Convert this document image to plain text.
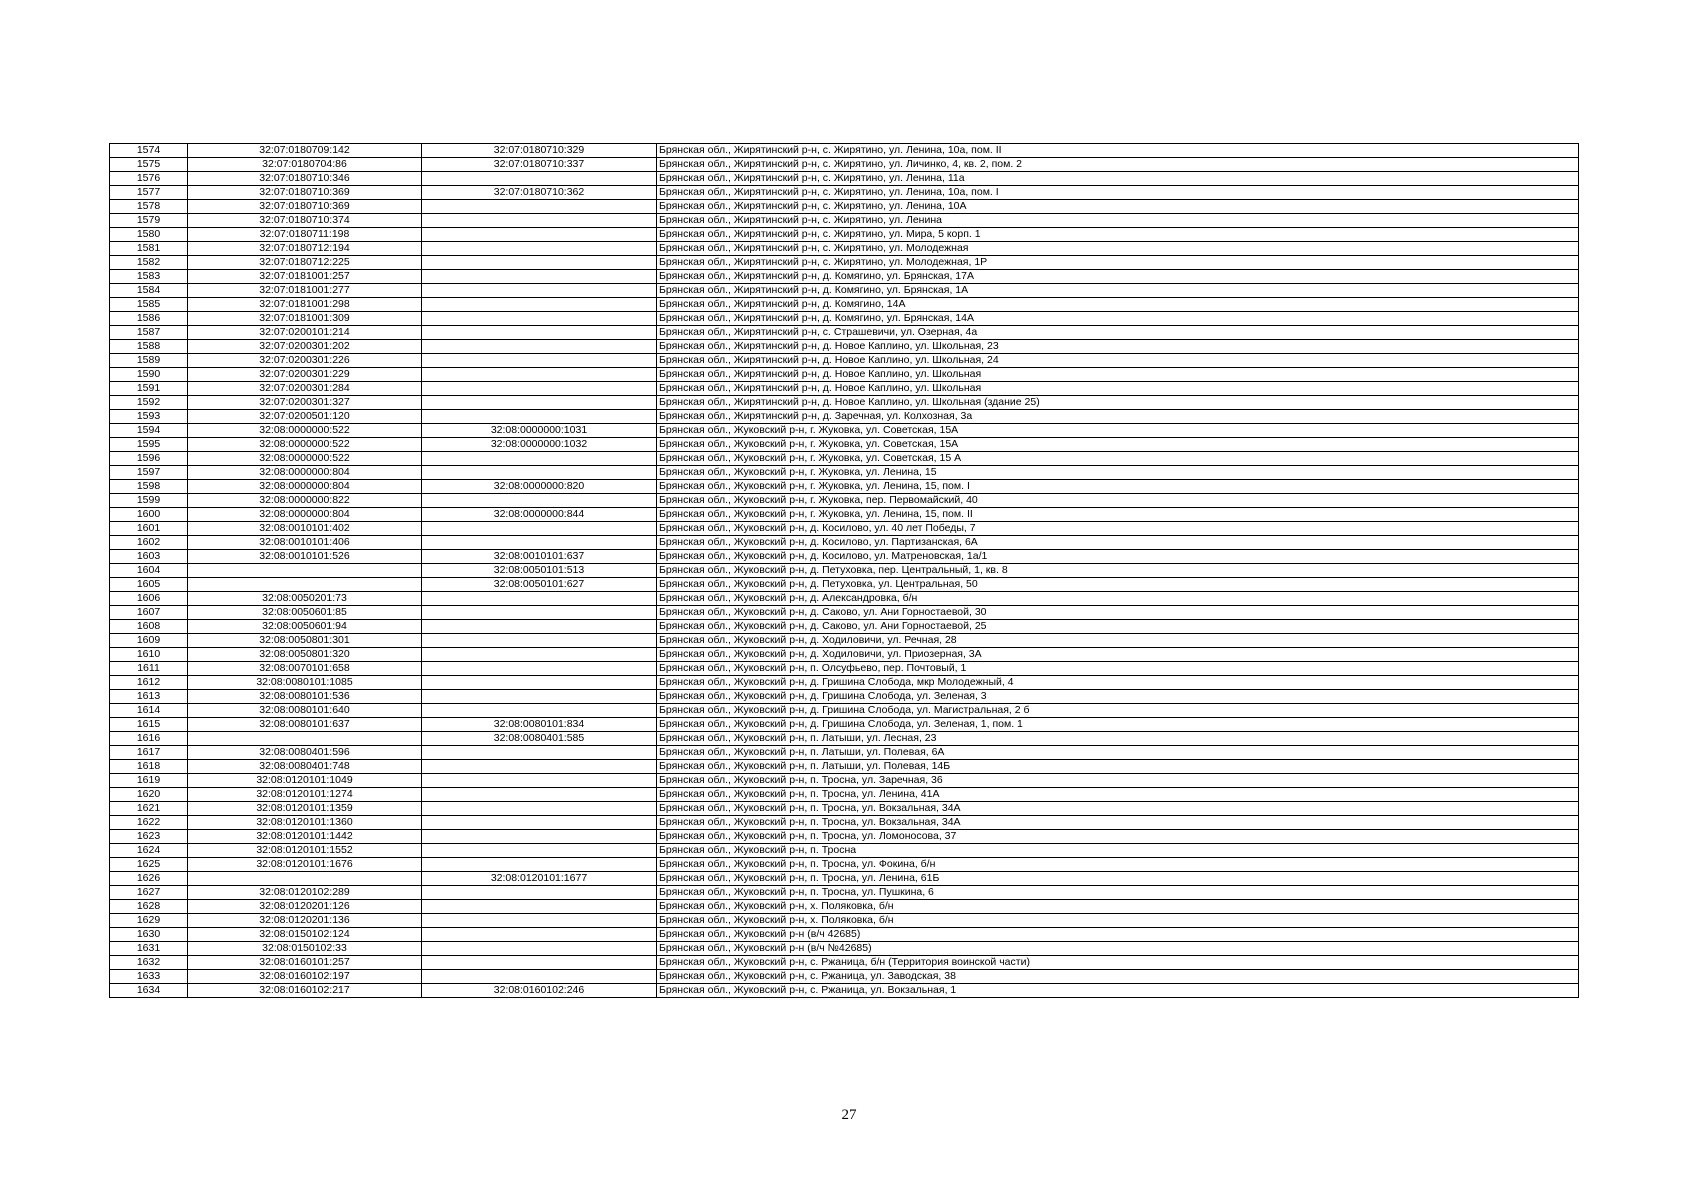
1574	32:07:0180709:142	32:07:0180710:329	Брянская обл., Жирятинский р-н, с. Жирятино, ул. Ленина, 10а, пом. II
1575	32:07:0180704:86	32:07:0180710:337	Брянская обл., Жирятинский р-н, с. Жирятино, ул. Личинко, 4, кв. 2, пом. 2
1576	32:07:0180710:346		Брянская обл., Жирятинский р-н, с. Жирятино, ул. Ленина, 11а
1577	32:07:0180710:369	32:07:0180710:362	Брянская обл., Жирятинский р-н, с. Жирятино, ул. Ленина, 10а, пом. I
1578	32:07:0180710:369		Брянская обл., Жирятинский р-н, с. Жирятино, ул. Ленина, 10А
1579	32:07:0180710:374		Брянская обл., Жирятинский р-н, с. Жирятино, ул. Ленина
1580	32:07:0180711:198		Брянская обл., Жирятинский р-н, с. Жирятино, ул. Мира, 5 корп. 1
1581	32:07:0180712:194		Брянская обл., Жирятинский р-н, с. Жирятино, ул. Молодежная
1582	32:07:0180712:225		Брянская обл., Жирятинский р-н, с. Жирятино, ул. Молодежная, 1Р
1583	32:07:0181001:257		Брянская обл., Жирятинский р-н, д. Комягино, ул. Брянская, 17А
1584	32:07:0181001:277		Брянская обл., Жирятинский р-н, д. Комягино, ул. Брянская, 1А
1585	32:07:0181001:298		Брянская обл., Жирятинский р-н, д. Комягино, 14А
1586	32:07:0181001:309		Брянская обл., Жирятинский р-н, д. Комягино, ул. Брянская, 14А
1587	32:07:0200101:214		Брянская обл., Жирятинский р-н, с. Страшевичи, ул. Озерная, 4а
1588	32:07:0200301:202		Брянская обл., Жирятинский р-н, д. Новое Каплино, ул. Школьная, 23
1589	32:07:0200301:226		Брянская обл., Жирятинский р-н, д. Новое Каплино, ул. Школьная, 24
1590	32:07:0200301:229		Брянская обл., Жирятинский р-н, д. Новое Каплино, ул. Школьная
1591	32:07:0200301:284		Брянская обл., Жирятинский р-н, д. Новое Каплино, ул. Школьная
1592	32:07:0200301:327		Брянская обл., Жирятинский р-н, д. Новое Каплино, ул. Школьная (здание 25)
1593	32:07:0200501:120		Брянская обл., Жирятинский р-н, д. Заречная, ул. Колхозная, 3а
1594	32:08:0000000:522	32:08:0000000:1031	Брянская обл., Жуковский р-н, г. Жуковка, ул. Советская, 15А
1595	32:08:0000000:522	32:08:0000000:1032	Брянская обл., Жуковский р-н, г. Жуковка, ул. Советская, 15А
1596	32:08:0000000:522		Брянская обл., Жуковский р-н, г. Жуковка, ул. Советская, 15 А
1597	32:08:0000000:804		Брянская обл., Жуковский р-н, г. Жуковка, ул. Ленина, 15
1598	32:08:0000000:804	32:08:0000000:820	Брянская обл., Жуковский р-н, г. Жуковка, ул. Ленина, 15, пом. I
1599	32:08:0000000:822		Брянская обл., Жуковский р-н, г. Жуковка, пер. Первомайский, 40
1600	32:08:0000000:804	32:08:0000000:844	Брянская обл., Жуковский р-н, г. Жуковка, ул. Ленина, 15, пом. II
1601	32:08:0010101:402		Брянская обл., Жуковский р-н, д. Косилово, ул. 40 лет Победы, 7
1602	32:08:0010101:406		Брянская обл., Жуковский р-н, д. Косилово, ул. Партизанская, 6А
1603	32:08:0010101:526	32:08:0010101:637	Брянская обл., Жуковский р-н, д. Косилово, ул. Матреновская, 1а/1
1604		32:08:0050101:513	Брянская обл., Жуковский р-н, д. Петуховка, пер. Центральный, 1, кв. 8
1605		32:08:0050101:627	Брянская обл., Жуковский р-н, д. Петуховка, ул. Центральная, 50
1606	32:08:0050201:73		Брянская обл., Жуковский р-н, д. Александровка, б/н
1607	32:08:0050601:85		Брянская обл., Жуковский р-н, д. Саково, ул. Ани Горностаевой, 30
1608	32:08:0050601:94		Брянская обл., Жуковский р-н, д. Саково, ул. Ани Горностаевой, 25
1609	32:08:0050801:301		Брянская обл., Жуковский р-н, д. Ходиловичи, ул. Речная, 28
1610	32:08:0050801:320		Брянская обл., Жуковский р-н, д. Ходиловичи, ул. Приозерная, 3А
1611	32:08:0070101:658		Брянская обл., Жуковский р-н, п. Олсуфьево, пер. Почтовый, 1
1612	32:08:0080101:1085		Брянская обл., Жуковский р-н, д. Гришина Слобода, мкр Молодежный, 4
1613	32:08:0080101:536		Брянская обл., Жуковский р-н, д. Гришина Слобода, ул. Зеленая, 3
1614	32:08:0080101:640		Брянская обл., Жуковский р-н, д. Гришина Слобода, ул. Магистральная, 2 б
1615	32:08:0080101:637	32:08:0080101:834	Брянская обл., Жуковский р-н, д. Гришина Слобода, ул. Зеленая, 1, пом. 1
1616		32:08:0080401:585	Брянская обл., Жуковский р-н, п. Латыши, ул. Лесная, 23
1617	32:08:0080401:596		Брянская обл., Жуковский р-н, п. Латыши, ул. Полевая, 6А
1618	32:08:0080401:748		Брянская обл., Жуковский р-н, п. Латыши, ул. Полевая, 14Б
1619	32:08:0120101:1049		Брянская обл., Жуковский р-н, п. Тросна, ул. Заречная, 36
1620	32:08:0120101:1274		Брянская обл., Жуковский р-н, п. Тросна, ул. Ленина, 41А
1621	32:08:0120101:1359		Брянская обл., Жуковский р-н, п. Тросна, ул. Вокзальная, 34А
1622	32:08:0120101:1360		Брянская обл., Жуковский р-н, п. Тросна, ул. Вокзальная, 34А
1623	32:08:0120101:1442		Брянская обл., Жуковский р-н, п. Тросна, ул. Ломоносова, 37
1624	32:08:0120101:1552		Брянская обл., Жуковский р-н, п. Тросна
1625	32:08:0120101:1676		Брянская обл., Жуковский р-н, п. Тросна, ул. Фокина, б/н
1626		32:08:0120101:1677	Брянская обл., Жуковский р-н, п. Тросна, ул. Ленина, 61Б
1627	32:08:0120102:289		Брянская обл., Жуковский р-н, п. Тросна, ул. Пушкина, 6
1628	32:08:0120201:126		Брянская обл., Жуковский р-н, х. Поляковка, б/н
1629	32:08:0120201:136		Брянская обл., Жуковский р-н, х. Поляковка, б/н
1630	32:08:0150102:124		Брянская обл., Жуковский р-н (в/ч 42685)
1631	32:08:0150102:33		Брянская обл., Жуковский р-н (в/ч №42685)
1632	32:08:0160101:257		Брянская обл., Жуковский р-н, с. Ржаница, б/н (Территория воинской части)
1633	32:08:0160102:197		Брянская обл., Жуковский р-н, с. Ржаница, ул. Заводская, 38
1634	32:08:0160102:217	32:08:0160102:246	Брянская обл., Жуковский р-н, с. Ржаница, ул. Вокзальная, 1
27
